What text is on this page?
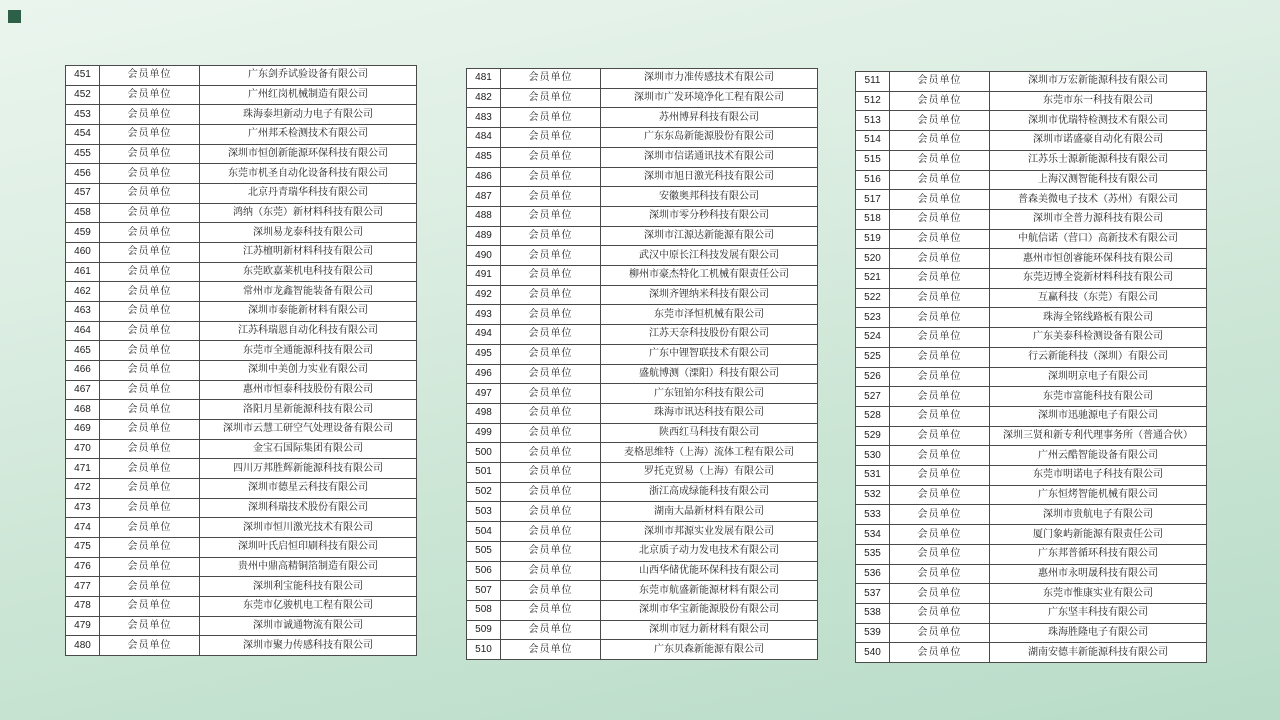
451	会员单位	广东剑乔试验设备有限公司
452	会员单位	广州红岗机械制造有限公司
453	会员单位	珠海泰坦新动力电子有限公司
454	会员单位	广州邦禾检测技术有限公司
455	会员单位	深圳市恒创新能源环保科技有限公司
456	会员单位	东莞市机圣自动化设备科技有限公司
457	会员单位	北京丹青瑞华科技有限公司
458	会员单位	鸿纳（东莞）新材料科技有限公司
459	会员单位	深圳易龙泰科技有限公司
460	会员单位	江苏檀明新材料科技有限公司
461	会员单位	东莞欧嘉莱机电科技有限公司
462	会员单位	常州市龙鑫智能装备有限公司
463	会员单位	深圳市泰能新材料有限公司
464	会员单位	江苏科瑞恩自动化科技有限公司
465	会员单位	东莞市全通能源科技有限公司
466	会员单位	深圳中美创力实业有限公司
467	会员单位	惠州市恒泰科技股份有限公司
468	会员单位	洛阳月星新能源科技有限公司
469	会员单位	深圳市云慧工研空气处理设备有限公司
470	会员单位	金宝石国际集团有限公司
471	会员单位	四川万邦胜辉新能源科技有限公司
472	会员单位	深圳市德星云科技有限公司
473	会员单位	深圳科瑞技术股份有限公司
474	会员单位	深圳市恒川激光技术有限公司
475	会员单位	深圳叶氏启恒印刷科技有限公司
476	会员单位	贵州中鼎高精铜箔制造有限公司
477	会员单位	深圳利宝能科技有限公司
478	会员单位	东莞市亿骏机电工程有限公司
479	会员单位	深圳市诚通物流有限公司
480	会员单位	深圳市聚力传感科技有限公司
481	会员单位	深圳市力准传感技术有限公司
482	会员单位	深圳市广发环境净化工程有限公司
483	会员单位	苏州博昇科技有限公司
484	会员单位	广东东岛新能源股份有限公司
485	会员单位	深圳市信诺通讯技术有限公司
486	会员单位	深圳市旭日激光科技有限公司
487	会员单位	安徽奥邦科技有限公司
488	会员单位	深圳市零分秒科技有限公司
489	会员单位	深圳市江源达新能源有限公司
490	会员单位	武汉中原长江科技发展有限公司
491	会员单位	柳州市豪杰特化工机械有限责任公司
492	会员单位	深圳齐锂纳米科技有限公司
493	会员单位	东莞市泽恒机械有限公司
494	会员单位	江苏天奈科技股份有限公司
495	会员单位	广东中锂智联技术有限公司
496	会员单位	盛航博测（溧阳）科技有限公司
497	会员单位	广东钮铂尔科技有限公司
498	会员单位	珠海市讯达科技有限公司
499	会员单位	陕西红马科技有限公司
500	会员单位	麦格思维特（上海）流体工程有限公司
501	会员单位	罗托克贸易（上海）有限公司
502	会员单位	浙江高成绿能科技有限公司
503	会员单位	湖南大晶新材料有限公司
504	会员单位	深圳市邦源实业发展有限公司
505	会员单位	北京质子动力发电技术有限公司
506	会员单位	山西华储优能环保科技有限公司
507	会员单位	东莞市航盛新能源材料有限公司
508	会员单位	深圳市华宝新能源股份有限公司
509	会员单位	深圳市冠力新材料有限公司
510	会员单位	广东贝森新能源有限公司
511	会员单位	深圳市万宏新能源科技有限公司
512	会员单位	东莞市东一科技有限公司
513	会员单位	深圳市优瑞特检测技术有限公司
514	会员单位	深圳市诺盛豪自动化有限公司
515	会员单位	江苏乐士源新能源科技有限公司
516	会员单位	上海汉测智能科技有限公司
517	会员单位	普森美微电子技术（苏州）有限公司
518	会员单位	深圳市全普力源科技有限公司
519	会员单位	中航信诺（营口）高新技术有限公司
520	会员单位	惠州市恒创睿能环保科技有限公司
521	会员单位	东莞迈博全瓷新材料科技有限公司
522	会员单位	互赢科技（东莞）有限公司
523	会员单位	珠海全铭线路板有限公司
524	会员单位	广东美泰科检测设备有限公司
525	会员单位	行云新能科技（深圳）有限公司
526	会员单位	深圳明京电子有限公司
527	会员单位	东莞市富能科技有限公司
528	会员单位	深圳市迅驰源电子有限公司
529	会员单位	深圳三贤和新专利代理事务所（普通合伙）
530	会员单位	广州云酷智能设备有限公司
531	会员单位	东莞市明诺电子科技有限公司
532	会员单位	广东恒烤智能机械有限公司
533	会员单位	深圳市贵航电子有限公司
534	会员单位	厦门象屿新能源有限责任公司
535	会员单位	广东邦普循环科技有限公司
536	会员单位	惠州市永明晟科技有限公司
537	会员单位	东莞市惟康实业有限公司
538	会员单位	广东坚丰科技有限公司
539	会员单位	珠海胜隆电子有限公司
540	会员单位	湖南安德丰新能源科技有限公司
